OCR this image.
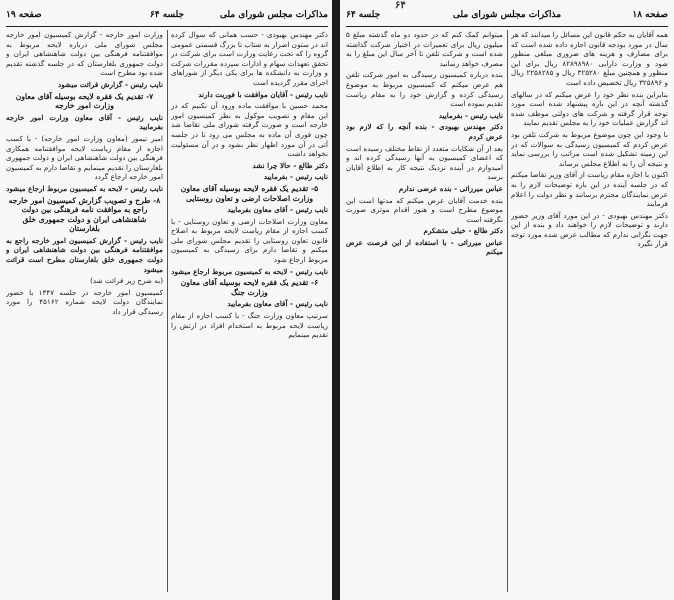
مذاکرات مجلس شورای ملی
جلسه ۶۴
صفحه ۱۹

دکتر مهندس بهبودی - حسب همانی که سوال کرده اند در ستون اصرار به شتاب تا بزرگ قسمتی عمومی گروه را که تحت رعایت وزارت است برای شرکت در تحقق تعهدات سهام و ادارات سپرده مقررات شرکت و وزارت به دانشکده ها برای یکی دیگر از شوراهای اجرای مقرر گردیده است

نایب رئیس - آقایان موافقت با فوریت دارند

محمد حسین با موافقت ماده ورود آن نکنیم که در این مقام و تصویب موکول به نظر کمیسیون امور خارجه است و صورت گرفته شورای ملی تقاضا شد چون فوری آن ماده به مجلس می رود تا در جلسه آتی در آن مورد اظهار نظر بشود و در آن مسئولیت نخواهد داشت

دکتر طالع - حالا چرا نشد

نایب رئیس - بفرمایید

۵- تقدیم یک فقره لایحه بوسیله آقای معاون وزارت اصلاحات ارضی و تعاون روستایی

نایب رئیس - آقای معاون بفرمایید

معاون وزارت اصلاحات ارضی و تعاون روستایی - با کسب اجازه از مقام ریاست لایحه مربوط به اصلاح قانون تعاون روستایی را تقدیم مجلس شورای ملی میکنم و تقاضا دارم برای رسیدگی به کمیسیون مربوط ارجاع شود

نایب رئیس - لایحه به کمیسیون مربوط ارجاع میشود

۶- تقدیم یک فقره لایحه بوسیله آقای معاون وزارت جنگ

نایب رئیس - آقای معاون بفرمایید

سرتیپ معاون وزارت جنگ - با کسب اجازه از مقام ریاست لایحه مربوط به استخدام افراد در ارتش را تقدیم مینمایم

وزارت امور خارجه - گزارش کمیسیون امور خارجه مجلس شورای ملی درباره لایحه مربوط به موافقتنامه فرهنگی بین دولت شاهنشاهی ایران و دولت جمهوری بلغارستان که در جلسه گذشته تقدیم شده بود مطرح است

نایب رئیس - گزارش قرائت میشود

۷- تقدیم یک فقره لایحه بوسیله آقای معاون وزارت امور خارجه

نایب رئیس - آقای معاون وزارت امور خارجه بفرمایید

امیر تیمور (معاون وزارت امور خارجه) - با کسب اجازه از مقام ریاست لایحه موافقتنامه همکاری فرهنگی بین دولت شاهنشاهی ایران و دولت جمهوری بلغارستان را تقدیم مینمایم و تقاضا دارم به کمیسیون امور خارجه ارجاع گردد

نایب رئیس - لایحه به کمیسیون مربوط ارجاع میشود

۸- طرح و تصویب گزارش کمیسیون امور خارجه راجع به موافقت نامه فرهنگی بین دولت شاهنشاهی ایران و دولت جمهوری خلق بلغارستان

نایب رئیس - گزارش کمیسیون امور خارجه راجع به موافقتنامه فرهنگی بین دولت شاهنشاهی ایران و دولت جمهوری خلق بلغارستان مطرح است قرائت میشود

(به شرح زیر قرائت شد)

کمیسیون امور خارجه در جلسه ۱۳۴۷ با حضور نمایندگان دولت لایحه شماره ۴۵۱۶۲ را مورد رسیدگی قرار داد

صفحه ۱۸
مذاکرات مجلس شورای ملی
جلسه ۶۴

همه آقایان به حکم قانون این مسائل را میدانند که هر سال در مورد بودجه قانون اجازه داده شده است که برای مصارف و هزینه های ضروری مبلغی منظور شود و وزارت دارایی ۸۲۸۹۸۹۸۰ ریال برای این منظور و همچنین مبلغ ۳۲۵۲۸۰ ریال و ۲۲۵۸۲۸۵ ریال و ۳۲۵۸۹۶ ریال تخصیص داده است

بنابراین بنده نظر خود را عرض میکنم که در سالهای گذشته آنچه در این باره پیشنهاد شده است مورد توجه قرار گرفته و شرکت های دولتی موظف شده اند گزارش عملیات خود را به مجلس تقدیم نمایند

با وجود این چون موضوع مربوط به شرکت تلفن بود عرض کردم که کمیسیون رسیدگی به سوالات که در این زمینه تشکیل شده است مراتب را بررسی نماید و نتیجه آن را به اطلاع مجلس برساند

اکنون با اجازه مقام ریاست از آقای وزیر تقاضا میکنم که در جلسه آینده در این باره توضیحات لازم را به عرض نمایندگان محترم برسانند و نظر دولت را اعلام فرمایند

دکتر مهندس بهبودی - در این مورد آقای وزیر حضور دارند و توضیحات لازم را خواهند داد و بنده از این جهت نگرانی ندارم که مطالب عرض شده مورد توجه قرار نگیرد

میتوانم کمک کنم که در حدود دو ماه گذشته مبلغ ۵ میلیون ریال برای تعمیرات در اختیار شرکت گذاشته شده است و شرکت تلفن تا آخر سال این مبلغ را به مصرف خواهد رسانید

بنده درباره کمیسیون رسیدگی به امور شرکت تلفن هم عرض میکنم که کمیسیون مربوط به موضوع رسیدگی کرده و گزارش خود را به مقام ریاست تقدیم نموده است

نایب رئیس - بفرمایید

دکتر مهندس بهبودی - بنده آنچه را که لازم بود عرض کردم

بعد از آن شکایات متعدد از نقاط مختلف رسیده است که اعضای کمیسیون به آنها رسیدگی کرده اند و امیدوارم در آینده نزدیک نتیجه کار به اطلاع آقایان برسد

عباس میرزائی - بنده عرضی ندارم

بنده خدمت آقایان عرض میکنم که مدتها است این موضوع مطرح است و هنوز اقدام موثری صورت نگرفته است

دکتر طالع - خیلی متشکرم

عباس میرزائی - با استفاده از این فرصت عرض میکنم

۶۴
